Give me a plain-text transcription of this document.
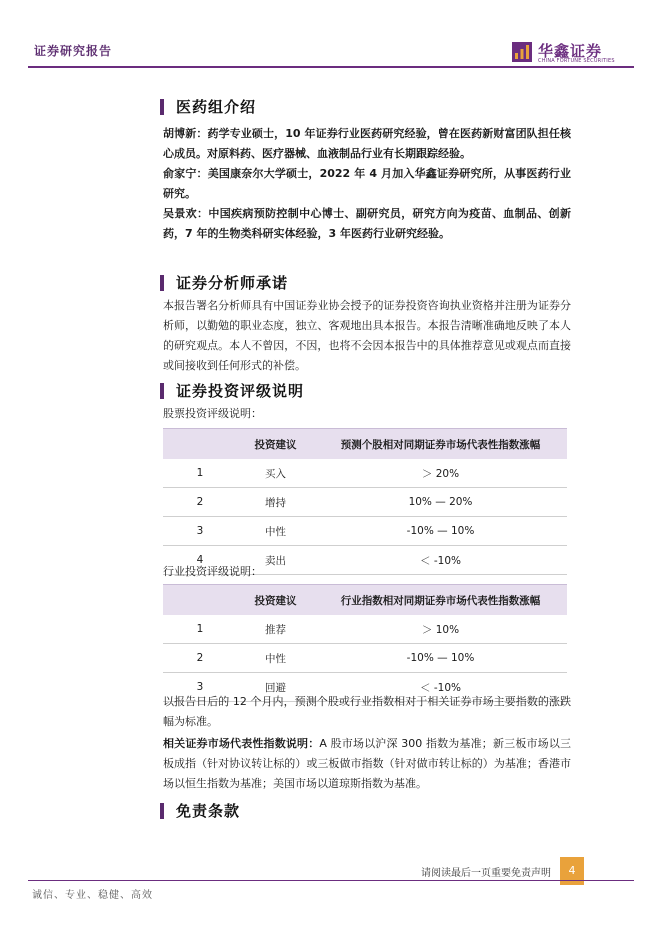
证券研究报告	华鑫证券
CHINA FORTUNE SECURITIES
医药 组介绍
胡博新：药学专业硕士，10 年证券行业医药研究经验，曾在医药新财富团队担任核心成员。对原料药、医疗器械、血液制品行业有长期跟踪经验。
俞家宁：美国康奈尔大学硕士，2022 年 4 月加入华鑫证券研究所，从事医药行业研究。
吴景欢：中国疾病预防控制中心博士、副研究员，研究方向为疫苗、血制品、创新药，7 年的生物类科研实体经验，3 年医药行业研究经验。
证券分析师承诺
本报告署名分析师具有中国证券业协会授予的证券投资咨询执业资格并注册为证券分析师，以勤勉的职业态度，独立、客观地出具本报告。本报告清晰准确地反映了本人的研究观点。本人不曾因，不因，也将不会因本报告中的具体推荐意见或观点而直接或间接收到任何形式的补偿。
证券投资评级说明
股票投资评级说明：
	投资建议	预测个股相对同期证券市场代表性指数涨幅
1	买入	＞ 20%
2	增持	10% — 20%
3	中性	-10% — 10%
4	卖出	＜ -10%
行业投资评级说明：
	投资建议	行业指数相对同期证券市场代表性指数涨幅
1	推荐	＞ 10%
2	中性	-10% — 10%
3	回避	＜ -10%
以报告日后的 12 个月内，预测个股或行业指数相对于相关证券市场主要指数的涨跌幅为标准。
相关证券市场代表性指数说明：A 股市场以沪深 300 指数为基准；新三板市场以三板成指（针对协议转让标的）或三板做市指数（针对做市转让标的）为基准；香港市场以恒生指数为基准；美国市场以道琼斯指数为基准。
免责条款
请阅读最后一页重要免责声明	4
诚信、专业、稳健、高效
